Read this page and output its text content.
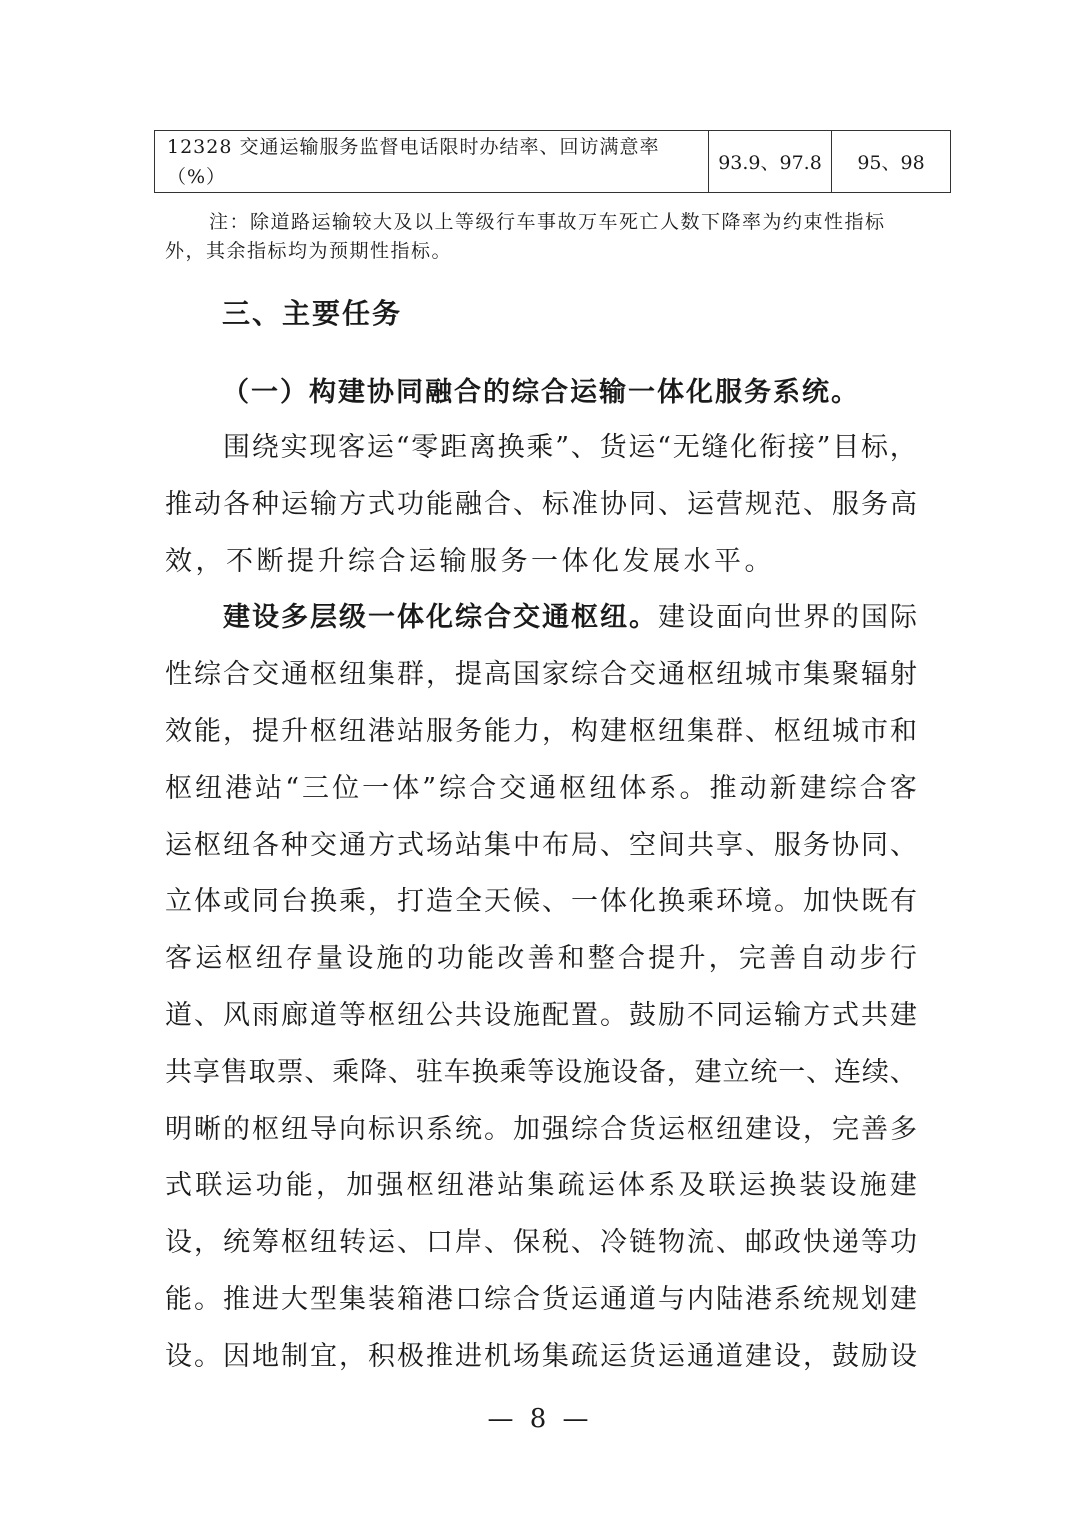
12328 交通运输服务监督电话限时办结率、回访满意率（%）	93.9、97.8	95、98

注：除道路运输较大及以上等级行车事故万车死亡人数下降率为约束性指标外，其余指标均为预期性指标。

三、主要任务
（一）构建协同融合的综合运输一体化服务系统。
围 绕 实 现 客 运 “ 零 距 离 换 乘 ” 、 货 运 “ 无 缝 化 衔 接 ” 目 标 ，
推 动 各 种 运 输 方 式 功 能 融 合 、 标 准 协 同 、 运 营 规 范 、 服 务 高
效，不断提升综合运输服务一体化发展水平。
建 设 多 层 级 一 体 化 综 合 交 通 枢 纽 。 建 设 面 向 世 界 的 国 际
性 综 合 交 通 枢 纽 集 群 ， 提 高 国 家 综 合 交 通 枢 纽 城 市 集 聚 辐 射
效 能 ， 提 升 枢 纽 港 站 服 务 能 力 ， 构 建 枢 纽 集 群 、 枢 纽 城 市 和
枢 纽 港 站 “ 三 位 一 体 ” 综 合 交 通 枢 纽 体 系 。 推 动 新 建 综 合 客
运 枢 纽 各 种 交 通 方 式 场 站 集 中 布 局 、 空 间 共 享 、 服 务 协 同 、
立 体 或 同 台 换 乘 ， 打 造 全 天 候 、 一 体 化 换 乘 环 境 。 加 快 既 有
客 运 枢 纽 存 量 设 施 的 功 能 改 善 和 整 合 提 升 ， 完 善 自 动 步 行
道 、 风 雨 廊 道 等 枢 纽 公 共 设 施 配 置 。 鼓 励 不 同 运 输 方 式 共 建
共 享 售 取 票 、 乘 降 、 驻 车 换 乘 等 设 施 设 备 ， 建 立 统 一 、 连 续 、
明 晰 的 枢 纽 导 向 标 识 系 统 。 加 强 综 合 货 运 枢 纽 建 设 ， 完 善 多
式 联 运 功 能 ， 加 强 枢 纽 港 站 集 疏 运 体 系 及 联 运 换 装 设 施 建
设 ， 统 筹 枢 纽 转 运 、 口 岸 、 保 税 、 冷 链 物 流 、 邮 政 快 递 等 功
能 。 推 进 大 型 集 装 箱 港 口 综 合 货 运 通 道 与 内 陆 港 系 统 规 划 建
设 。 因 地 制 宜 ， 积 极 推 进 机 场 集 疏 运 货 运 通 道 建 设 ， 鼓 励 设
— 8 —
